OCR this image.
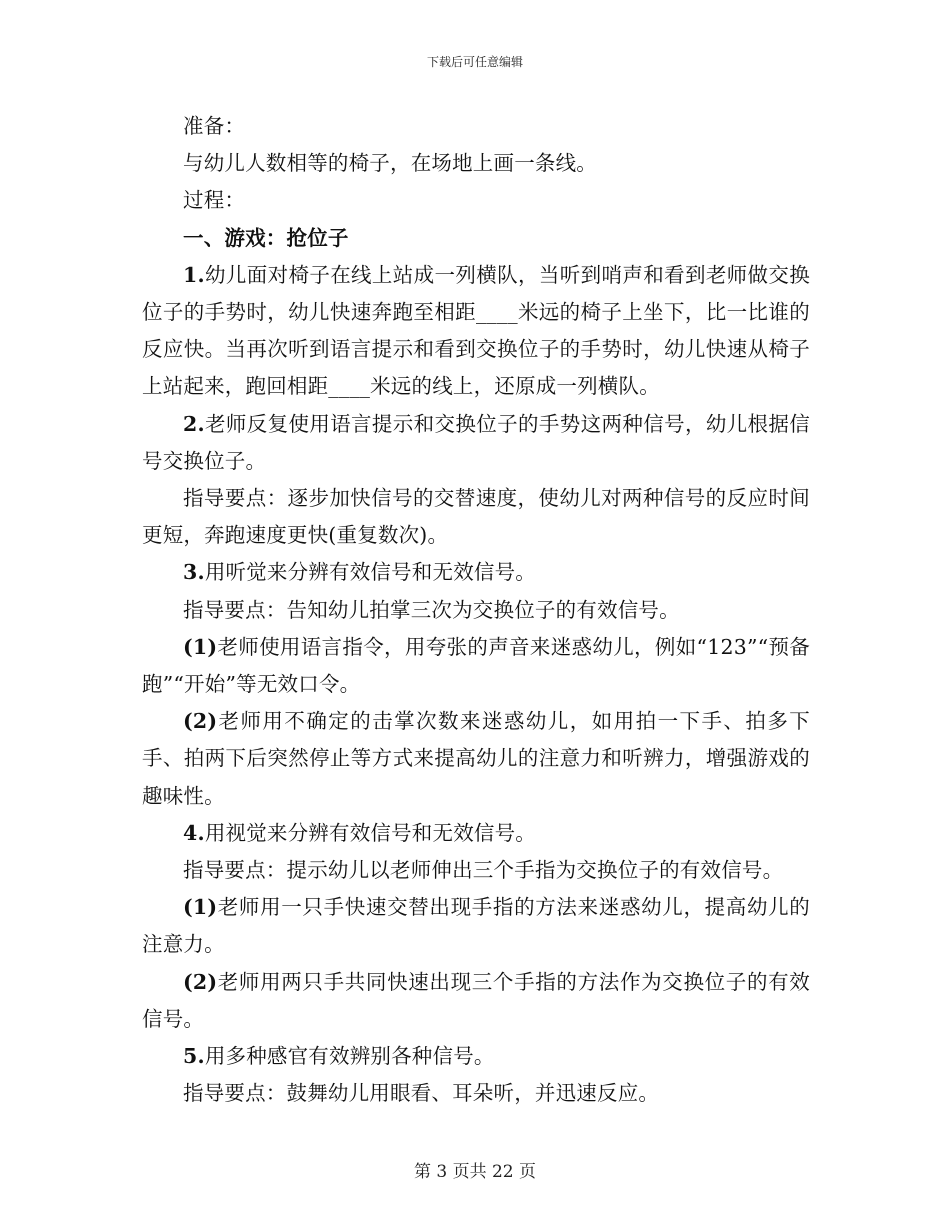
下载后可任意编辑

准备：

与幼儿人数相等的椅子，在场地上画一条线。

过程：

一、游戏：抢位子

1.幼儿面对椅子在线上站成一列横队，当听到哨声和看到老师做交换位子的手势时，幼儿快速奔跑至相距____米远的椅子上坐下，比一比谁的反应快。当再次听到语言提示和看到交换位子的手势时，幼儿快速从椅子上站起来，跑回相距____米远的线上，还原成一列横队。

2.老师反复使用语言提示和交换位子的手势这两种信号，幼儿根据信号交换位子。

指导要点：逐步加快信号的交替速度，使幼儿对两种信号的反应时间更短，奔跑速度更快(重复数次)。

3.用听觉来分辨有效信号和无效信号。

指导要点：告知幼儿拍掌三次为交换位子的有效信号。

(1)老师使用语言指令，用夸张的声音来迷惑幼儿，例如“123”“预备跑”“开始”等无效口令。

(2)老师用不确定的击掌次数来迷惑幼儿，如用拍一下手、拍多下手、拍两下后突然停止等方式来提高幼儿的注意力和听辨力，增强游戏的趣味性。

4.用视觉来分辨有效信号和无效信号。

指导要点：提示幼儿以老师伸出三个手指为交换位子的有效信号。

(1)老师用一只手快速交替出现手指的方法来迷惑幼儿，提高幼儿的注意力。

(2)老师用两只手共同快速出现三个手指的方法作为交换位子的有效信号。

5.用多种感官有效辨别各种信号。

指导要点：鼓舞幼儿用眼看、耳朵听，并迅速反应。

第 3 页共 22 页
